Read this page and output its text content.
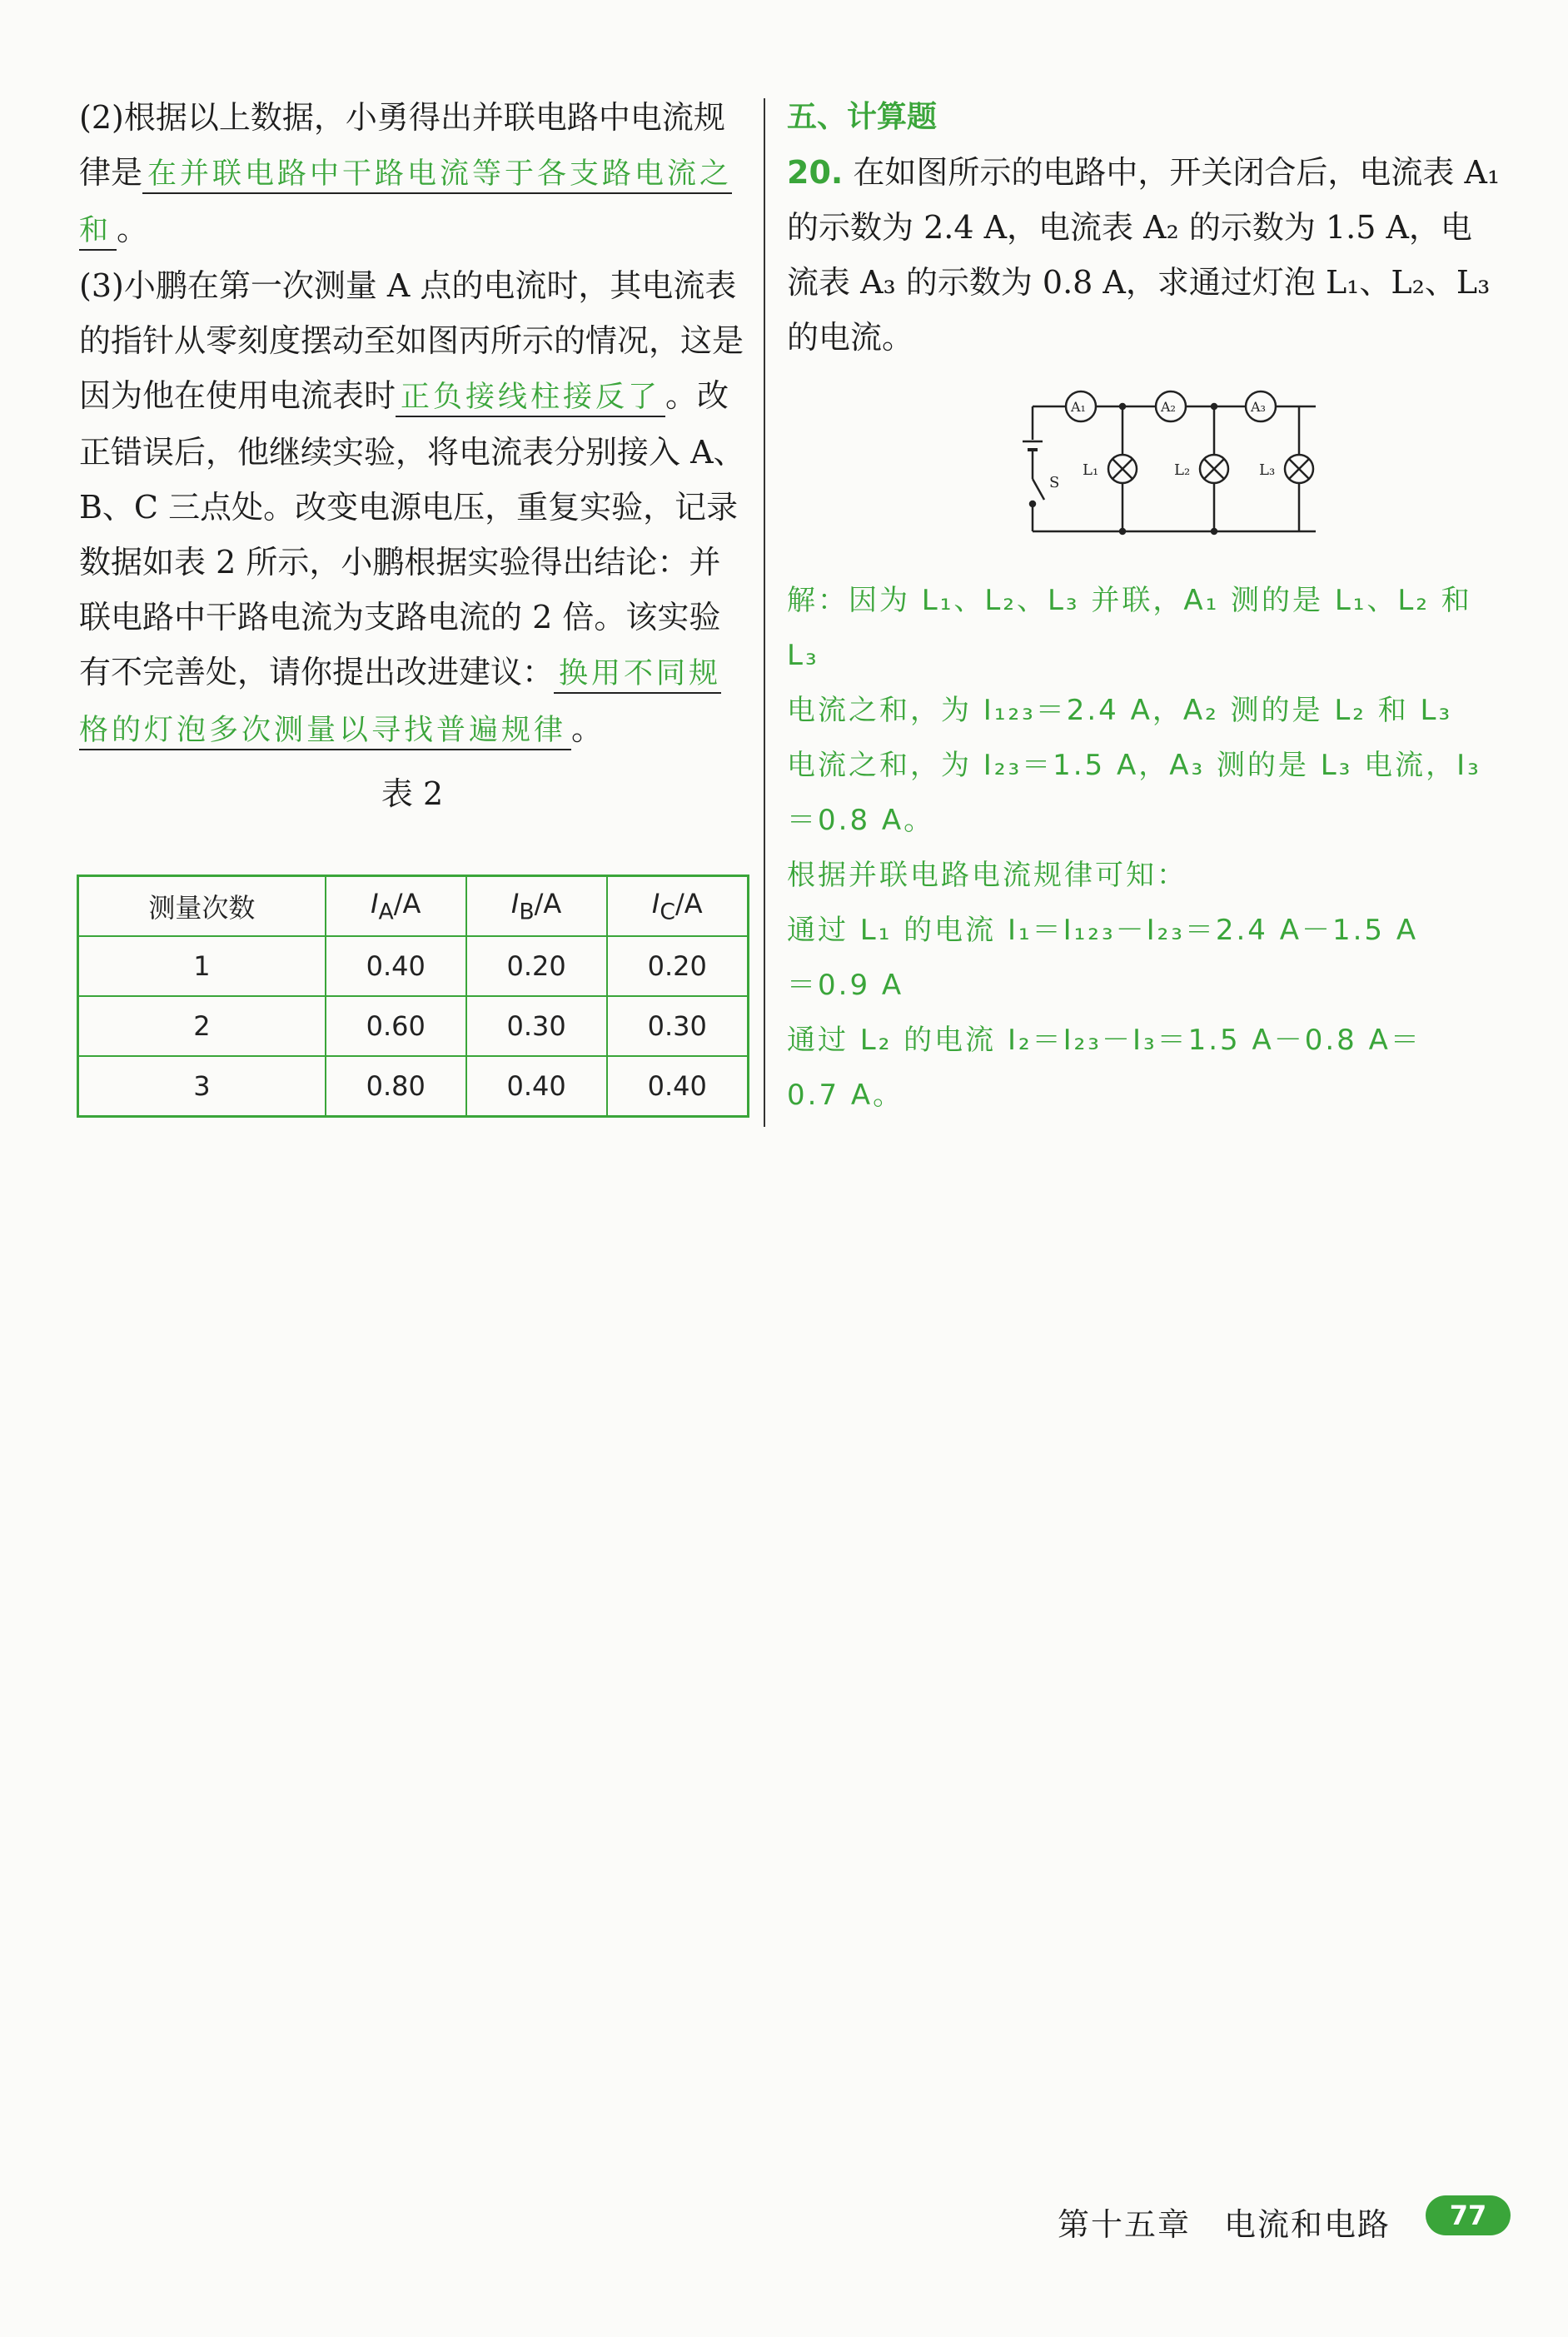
(2)根据以上数据，小勇得出并联电路中电流规律是 在并联电路中干路电流等于各支路电流之和 。

(3)小鹏在第一次测量 A 点的电流时，其电流表的指针从零刻度摆动至如图丙所示的情况，这是因为他在使用电流表时 正负接线柱接反了 。改正错误后，他继续实验，将电流表分别接入 A、B、C 三点处。改变电源电压，重复实验，记录数据如表 2 所示，小鹏根据实验得出结论：并联电路中干路电流为支路电流的 2 倍。该实验有不完善处，请你提出改进建议： 换用不同规格的灯泡多次测量以寻找普遍规律 。

表 2

测量次数	$I_A/A$	$I_B/A$	$I_C/A$
1	0.40	0.20	0.20
2	0.60	0.30	0.30
3	0.80	0.40	0.40

五、计算题

20. 在如图所示的电路中，开关闭合后，电流表 A₁ 的示数为 2.4 A，电流表 A₂ 的示数为 1.5 A，电流表 A₃ 的示数为 0.8 A，求通过灯泡 L₁、L₂、L₃ 的电流。

解：因为 L₁、L₂、L₃ 并联，A₁ 测的是 L₁、L₂ 和 L₃

电流之和，为 I₁₂₃＝2.4 A，A₂ 测的是 L₂ 和 L₃

电流之和，为 I₂₃＝1.5 A，A₃ 测的是 L₃ 电流，I₃

＝0.8 A。

根据并联电路电流规律可知：

通过 L₁ 的电流 I₁＝I₁₂₃－I₂₃＝2.4 A－1.5 A

＝0.9 A

通过 L₂ 的电流 I₂＝I₂₃－I₃＝1.5 A－0.8 A＝

0.7 A。

S
A₁	A₂	A₃
L₁	L₂	L₃
第十五章　电流和电路	77
